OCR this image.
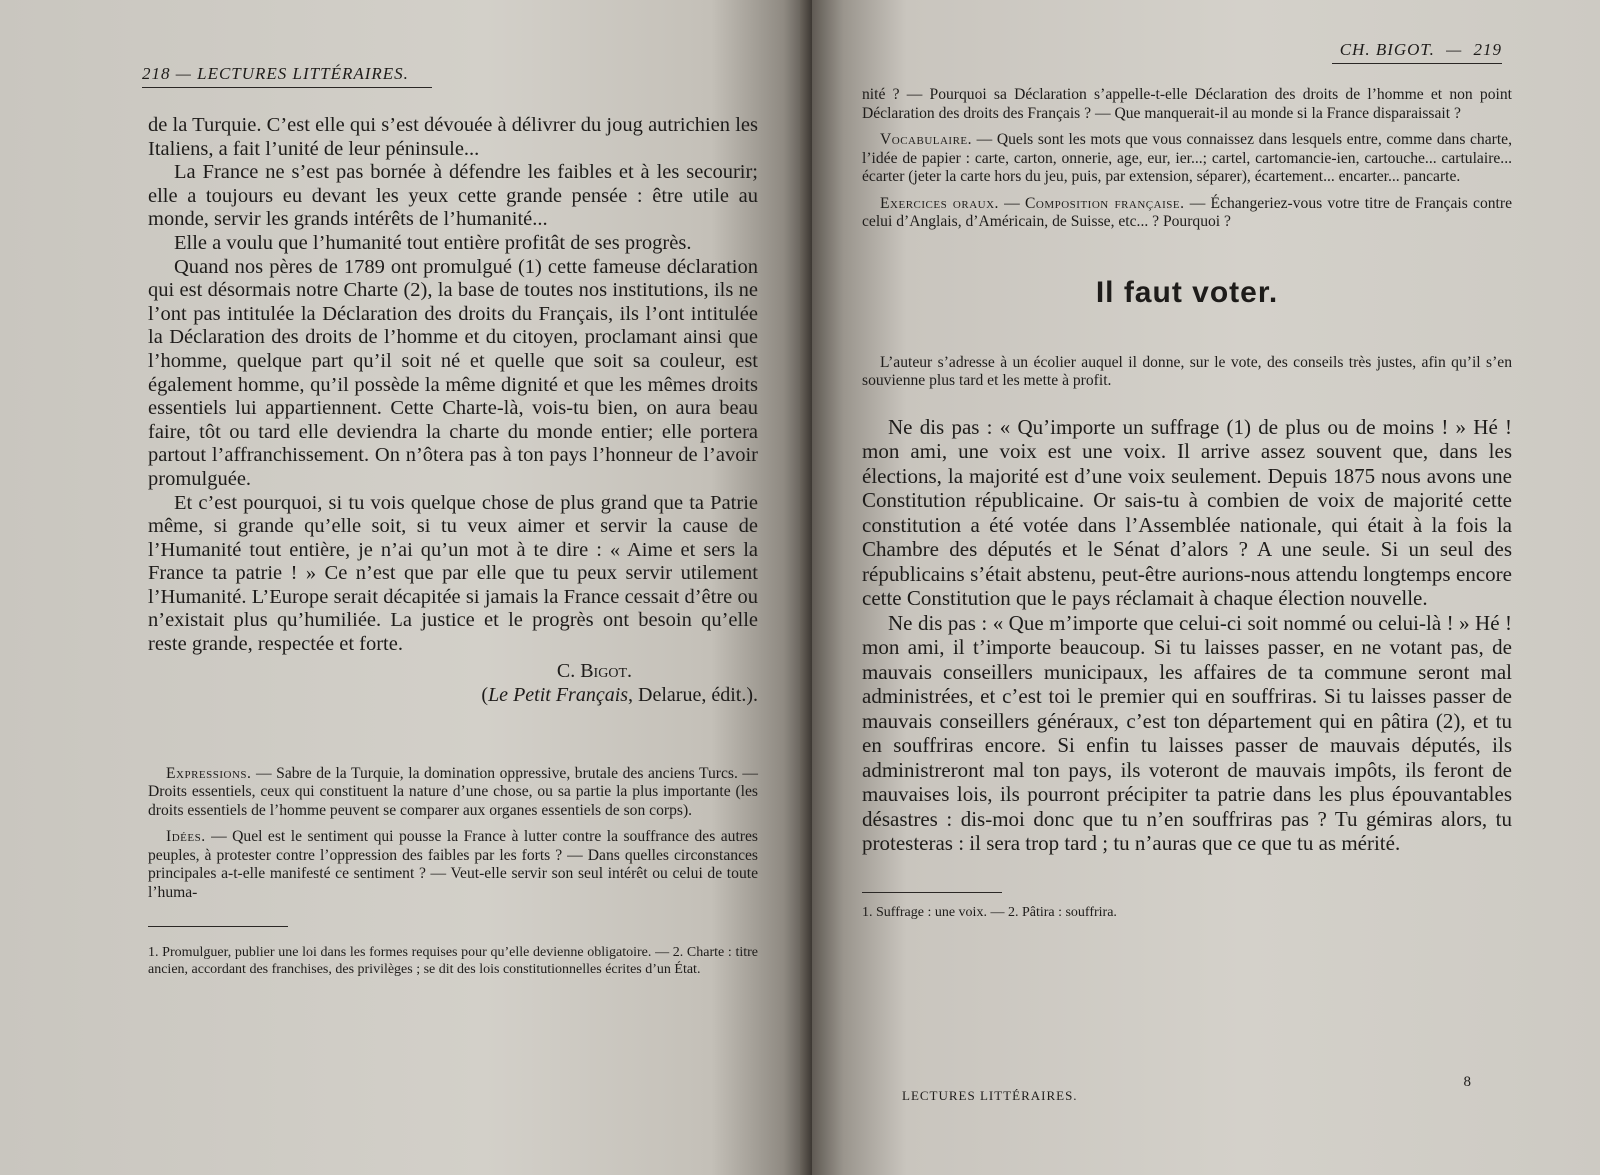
218 — LECTURES LITTÉRAIRES.

de la Turquie. C’est elle qui s’est dévouée à délivrer du joug autrichien les Italiens, a fait l’unité de leur péninsule...

La France ne s’est pas bornée à défendre les faibles et à les secourir; elle a toujours eu devant les yeux cette grande pensée : être utile au monde, servir les grands intérêts de l’humanité...

Elle a voulu que l’humanité tout entière profitât de ses progrès.

Quand nos pères de 1789 ont promulgué (1) cette fameuse déclaration qui est désormais notre Charte (2), la base de toutes nos institutions, ils ne l’ont pas intitulée la Déclaration des droits du Français, ils l’ont intitulée la Déclaration des droits de l’homme et du citoyen, proclamant ainsi que l’homme, quelque part qu’il soit né et quelle que soit sa couleur, est également homme, qu’il possède la même dignité et que les mêmes droits essentiels lui appartiennent. Cette Charte-là, vois-tu bien, on aura beau faire, tôt ou tard elle deviendra la charte du monde entier; elle portera partout l’affranchissement. On n’ôtera pas à ton pays l’honneur de l’avoir promulguée.

Et c’est pourquoi, si tu vois quelque chose de plus grand que ta Patrie même, si grande qu’elle soit, si tu veux aimer et servir la cause de l’Humanité tout entière, je n’ai qu’un mot à te dire : « Aime et sers la France ta patrie ! » Ce n’est que par elle que tu peux servir utilement l’Humanité. L’Europe serait décapitée si jamais la France cessait d’être ou n’existait plus qu’humiliée. La justice et le progrès ont besoin qu’elle reste grande, respectée et forte.

C. Bigot.
(Le Petit Français, Delarue, édit.).

Expressions. — Sabre de la Turquie, la domination oppressive, brutale des anciens Turcs. — Droits essentiels, ceux qui constituent la nature d’une chose, ou sa partie la plus importante (les droits essentiels de l’homme peuvent se comparer aux organes essentiels de son corps).

Idées. — Quel est le sentiment qui pousse la France à lutter contre la souffrance des autres peuples, à protester contre l’oppression des faibles par les forts ? — Dans quelles circonstances principales a-t-elle manifesté ce sentiment ? — Veut-elle servir son seul intérêt ou celui de toute l’huma-

1. Promulguer, publier une loi dans les formes requises pour qu’elle devienne obligatoire. — 2. Charte : titre ancien, accordant des franchises, des privilèges ; se dit des lois constitutionnelles écrites d’un État.

CH. BIGOT. — 219

nité ? — Pourquoi sa Déclaration s’appelle-t-elle Déclaration des droits de l’homme et non point Déclaration des droits des Français ? — Que manquerait-il au monde si la France disparaissait ?

Vocabulaire. — Quels sont les mots que vous connaissez dans lesquels entre, comme dans charte, l’idée de papier : carte, carton, onnerie, age, eur, ier...; cartel, cartomancie-ien, cartouche... cartulaire... écarter (jeter la carte hors du jeu, puis, par extension, séparer), écartement... encarter... pancarte.

Exercices oraux. — Composition française. — Échangeriez-vous votre titre de Français contre celui d’Anglais, d’Américain, de Suisse, etc... ? Pourquoi ?

Il faut voter.

L’auteur s’adresse à un écolier auquel il donne, sur le vote, des conseils très justes, afin qu’il s’en souvienne plus tard et les mette à profit.

Ne dis pas : « Qu’importe un suffrage (1) de plus ou de moins ! » Hé ! mon ami, une voix est une voix. Il arrive assez souvent que, dans les élections, la majorité est d’une voix seulement. Depuis 1875 nous avons une Constitution républicaine. Or sais-tu à combien de voix de majorité cette constitution a été votée dans l’Assemblée nationale, qui était à la fois la Chambre des députés et le Sénat d’alors ? A une seule. Si un seul des républicains s’était abstenu, peut-être aurions-nous attendu longtemps encore cette Constitution que le pays réclamait à chaque élection nouvelle.

Ne dis pas : « Que m’importe que celui-ci soit nommé ou celui-là ! » Hé ! mon ami, il t’importe beaucoup. Si tu laisses passer, en ne votant pas, de mauvais conseillers municipaux, les affaires de ta commune seront mal administrées, et c’est toi le premier qui en souffriras. Si tu laisses passer de mauvais conseillers généraux, c’est ton département qui en pâtira (2), et tu en souffriras encore. Si enfin tu laisses passer de mauvais députés, ils administreront mal ton pays, ils voteront de mauvais impôts, ils feront de mauvaises lois, ils pourront précipiter ta patrie dans les plus épouvantables désastres : dis-moi donc que tu n’en souffriras pas ? Tu gémiras alors, tu protesteras : il sera trop tard ; tu n’auras que ce que tu as mérité.

1. Suffrage : une voix. — 2. Pâtira : souffrira.

LECTURES LITTÉRAIRES.
8
